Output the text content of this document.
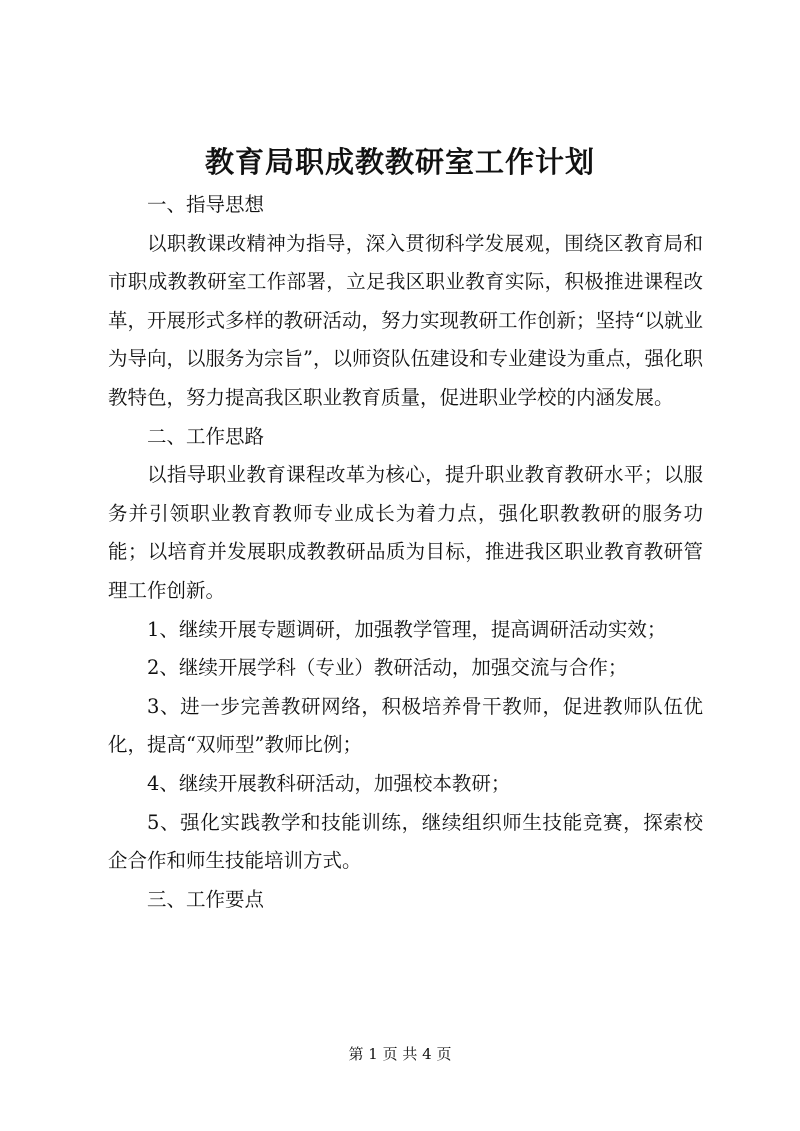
教育局职成教教研室工作计划

一、指导思想

以职教课改精神为指导，深入贯彻科学发展观，围绕区教育局和市职成教教研室工作部署，立足我区职业教育实际，积极推进课程改革，开展形式多样的教研活动，努力实现教研工作创新；坚持“以就业为导向，以服务为宗旨”，以师资队伍建设和专业建设为重点，强化职教特色，努力提高我区职业教育质量，促进职业学校的内涵发展。

二、工作思路

以指导职业教育课程改革为核心，提升职业教育教研水平；以服务并引领职业教育教师专业成长为着力点，强化职教教研的服务功能；以培育并发展职成教教研品质为目标，推进我区职业教育教研管理工作创新。

1、继续开展专题调研，加强教学管理，提高调研活动实效；

2、继续开展学科（专业）教研活动，加强交流与合作；

3、进一步完善教研网络，积极培养骨干教师，促进教师队伍优化，提高“双师型”教师比例；

4、继续开展教科研活动，加强校本教研；

5、强化实践教学和技能训练，继续组织师生技能竞赛，探索校企合作和师生技能培训方式。

三、工作要点

第 1 页 共 4 页
